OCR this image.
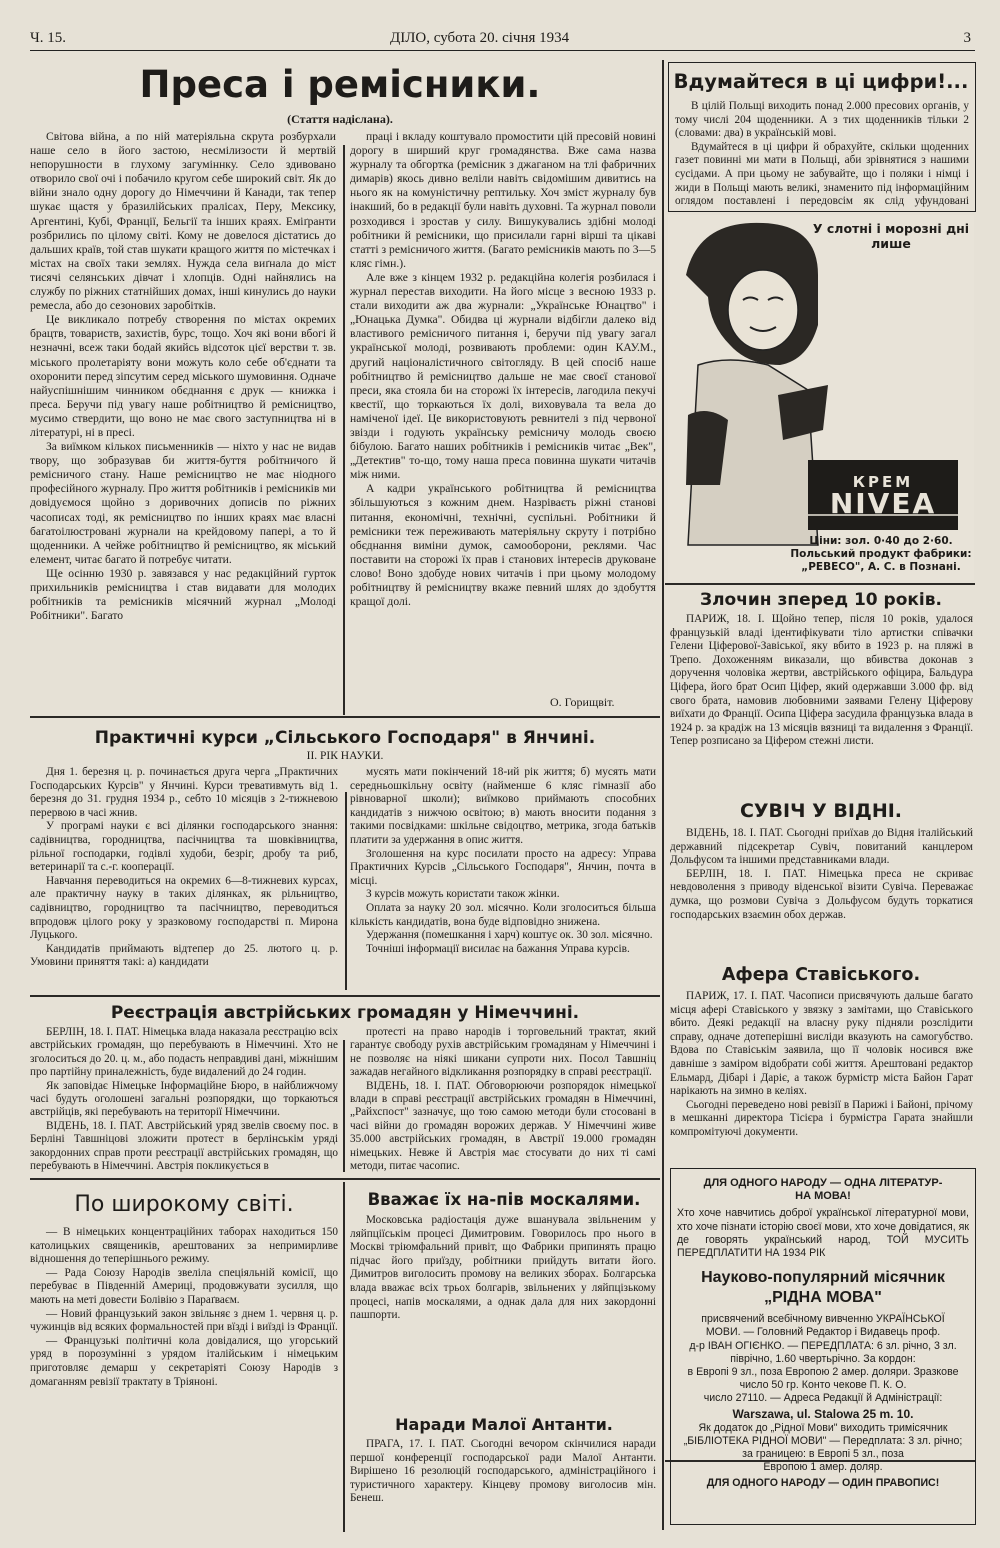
Ч. 15.	ДІЛО, субота 20. січня 1934	3
Преса і ремісники.
(Стаття надіслана).

Світова війна, а по ній матеріяльна скрута розбурхали наше село в його застою, несмілизости й мертвій непорушности в глухому загуміннку. Село здивовано отворило свої очі і побачило кругом себе широкий світ. Як до війни знало одну дорогу до Німеччини й Канади, так тепер шукає щастя у бразилійських пралісах, Перу, Мексику, Аргентині, Кубі, Франції, Бельгії та інших краях. Еміґранти розбрились по цілому світі. Кому не довелося дістатись до дальших країв, той став шукати кращого життя по містечках і містах на своїх таки землях. Нужда села виґнала до міст тисячі селянських дівчат і хлопців. Одні найнялись на службу по ріжних статнійших домах, інші кинулись до науки ремесла, або до сезонових заробітків.

Це викликало потребу створення по містах окремих брацтв, товариств, захистів, бурс, тощо. Хоч які вони вбогі й незначні, всеж таки бодай якийсь відсоток цієї верстви т. зв. міського пролетаріяту вони можуть коло себе об'єднати та охоронити перед зіпсутим серед міського шумовиння. Одначе найуспішнішим чинником обєднання є друк — книжка і преса. Беручи під увагу наше робітництво й ремісництво, мусимо ствердити, що воно не має свого заступництва ні в літературі, ні в пресі.

За виїмком кількох письменників — ніхто у нас не видав твору, що зобразував би життя-буття робітничого й ремісничого стану. Наше ремісництво не має ніодного професійного журналу. Про життя робітників і ремісників ми довідуємося щойно з доривочних дописів по ріжних часописах тоді, як ремісництво по інших краях має власні багатоілюстровані журнали на крейдовому папері, а то й щоденники. А чейже робітництво й ремісництво, як міський елемент, читає багато й потребує читати.

Ще осінню 1930 р. завязався у нас редакційний гурток прихильників ремісництва і став видавати для молодих робітників та ремісників місячний журнал „Молоді Робітники". Багато

праці і вкладу коштувало промостити цій пресовій новині дорогу в ширший круг громадянства. Вже сама назва журналу та обгортка (ремісник з джаганом на тлі фабричних димарів) якось дивно веліли навіть свідомішим дивитись на нього як на комуністичну рептильку. Хоч зміст журналу був інакший, бо в редакції були навіть духовні. Та журнал поволи розходився і зростав у силу. Вишукувались здібні молоді робітники й ремісники, що присилали гарні вірші та цікаві статті з ремісничого життя. (Багато ремісників мають по 3—5 кляс гімн.).

Але вже з кінцем 1932 р. редакційна колегія розбилася і журнал перестав виходити. На його місце з весною 1933 р. стали виходити аж два журнали: „Українське Юнацтво" і „Юнацька Думка". Обидва ці журнали відбігли далеко від властивого ремісничого питання і, беручи під увагу загал української молоді, розвивають проблеми: один КАУ.М., другий націоналістичного світогляду. В цей спосіб наше робітництво й ремісництво дальше не має своєї станової преси, яка стояла би на сторожі їх інтересів, лагодила пекучі квестії, що торкаються їх долі, виховувала та вела до наміченої ідеї. Це використовують ревнителі з під червоної звізди і годують українську ремісничу молодь своєю бібулою. Багато наших робітників і ремісників читає „Век", „Детектив" то-що, тому наша преса повинна шукати читачів між ними.

А кадри українського робітництва й ремісництва збільшуються з кожним днем. Назріваєть ріжні станові питання, економічні, технічні, суспільні. Робітники й ремісники теж переживають матеріяльну скруту і потрібно обєднання виміни думок, самооборони, реклями. Час поставити на сторожі їх прав і станових інтересів друковане слово! Воно здобуде нових читачів і при цьому молодому робітництву й ремісництву вкаже певний шлях до здобуття кращої долі.

О. Горищвіт.
Вдумайтеся в ці цифри!...

В цілій Польщі виходить понад 2.000 пресових органів, у тому числі 204 щоденники. А з тих щоденників тільки 2 (словами: два) в українській мові.

Вдумайтеся в ці цифри й обрахуйте, скільки щоденних газет повинні ми мати в Польщі, аби зрівнятися з нашими сусідами. А при цьому не забувайте, що і поляки і німці і жиди в Польщі мають великі, знаменито під інформаційним оглядом поставлені і передовсім як слід уфундовані

У слотні і морозні дні
лише
КРЕМ
NIVEA
Ціни: зол. 0·40 до 2·60.
Польський продукт фабрики:
„РЕВЕСО", А. С. в Познані.
Злочин зперед 10 років.

ПАРИЖ, 18. І. Щойно тепер, після 10 років, удалося французькій владі ідентифікувати тіло артистки співачки Гелени Ціферової-Завіської, яку вбито в 1923 р. на пляжі в Трепо. Дохоженням виказали, що вбивства доконав з доручення чоловіка жертви, австрійського офіцира, Бальдура Ціфера, його брат Осип Ціфер, який одержавши 3.000 фр. від свого брата, намовив любовними заявами Гелену Ціферову виїхати до Франції. Осипа Ціфера засудила французька влада в 1924 р. за крадіж на 13 місяців вязниці та видалення з Франції. Тепер розписано за Ціфером стежні листи.

СУВІЧ У ВІДНІ.

ВІДЕНЬ, 18. І. ПАТ. Сьогодні приїхав до Відня італійський державний підсекретар Сувіч, повитаний канцлером Дольфусом та іншими представниками влади.

БЕРЛІН, 18. І. ПАТ. Німецька преса не скриває невдоволення з приводу віденської візити Сувіча. Переважає думка, що розмови Сувіча з Дольфусом будуть торкатися господарських взаємин обох держав.

Афера Ставіського.

ПАРИЖ, 17. І. ПАТ. Часописи присвячують дальше багато місця афері Ставіського у звязку з замітами, що Ставіського вбито. Деякі редакції на власну руку підняли розслідити справу, одначе дотеперішні висліди вказують на самогубство. Вдова по Ставіськім заявила, що її чоловік носився вже давніше з заміром відобрати собі життя. Арештовані редактор Ельмард, Дібарі і Даріє, а також бурмістр міста Байон Гарат нарікають на зимно в келіях.

Сьогодні переведено нові ревізії в Парижі і Байоні, прічому в мешканні директора Тісієра і бурмістра Гарата знайшли компромітуючі документи.

ДЛЯ ОДНОГО НАРОДУ — ОДНА ЛІТЕРАТУР-

НА МОВА!

Хто хоче навчитись доброї української літературної мови, хто хоче пізнати історію своєї мови, хто хоче довідатися, як де говорять український народ, ТОЙ МУСИТЬ ПЕРЕДПЛАТИТИ НА 1934 РІК

Науково-популярний місячник „РІДНА МОВА"

присвячений всебічному вивченню УКРАЇНСЬКОЇ

МОВИ. — Головний Редактор і Видавець проф.

д-р ІВАН ОГІЄНКО. — ПЕРЕДПЛАТА: 6 зл. річно, 3 зл. піврічно, 1.60 чвертьрічно. За кордон:

в Европі 9 зл., поза Европою 2 амер. доляри. Зразкове число 50 гр. Конто чекове П. К. О.

число 27110. — Адреса Редакції й Адміністрації:

Warszawa, ul. Stalowa 25 m. 10.

Як додаток до „Рідної Мови" виходить тримісячник „БІБЛІОТЕКА РІДНОЇ МОВИ" — Передплата: 3 зл. річно; за границею: в Европі 5 зл., поза

Европою 1 амер. доляр.

ДЛЯ ОДНОГО НАРОДУ — ОДИН ПРАВОПИС!

Практичні курси „Сільського Господаря" в Янчині.
II. РІК НАУКИ.

Дня 1. березня ц. р. починається друга черга „Практичних Господарських Курсів" у Янчині. Курси тревативмуть від 1. березня до 31. грудня 1934 р., себто 10 місяців з 2-тижневою перервою в часі жнив.

У програмі науки є всі ділянки господарського знання: садівництва, городництва, пасічництва та шовківництва, рільної господарки, годівлі худоби, безріг, дробу та риб, ветеринарії та с.-г. кооперації.

Навчання переводиться на окремих 6—8-тижневих курсах, але практичну науку в таких ділянках, як рільництво, садівництво, городництво та пасічництво, переводиться впродовж цілого року у зразковому господарстві п. Мирона Луцького.

Кандидатів приймають відтепер до 25. лютого ц. р. Умовини приняття такі: а) кандидати

мусять мати покінчений 18-ий рік життя; б) мусять мати середньошкільну освіту (найменше 6 кляс гімназії або рівноварної школи); виїмково приймають способних кандидатів з нижчою освітою; в) мають вносити подання з такими посвідками: шкільне свідоцтво, метрика, згода батьків платити за удержання в опис життя.

Зголошення на курс посилати просто на адресу: Управа Практичних Курсів „Сільського Господаря", Янчин, почта в місці.

З курсів можуть користати також жінки.

Оплата за науку 20 зол. місячно. Коли зголоситься більша кількість кандидатів, вона буде відповідно знижена.

Удержання (помешкання і харч) коштує ок. 30 зол. місячно.

Точніші інформації висилає на бажання Управа курсів.

Реєстрація австрійських громадян у Німеччині.

БЕРЛІН, 18. І. ПАТ. Німецька влада наказала реєстрацію всіх австрійських громадян, що перебувають в Німеччині. Хто не зголоситься до 20. ц. м., або подасть неправдиві дані, міжнішим про партійну приналежність, буде видалений до 24 годин.

Як заповідає Німецьке Інформаційне Бюро, в найближчому часі будуть оголошені загальні розпорядки, що торкаються австрійців, які перебувають на території Німеччини.

ВІДЕНЬ, 18. І. ПАТ. Австрійський уряд звелів своєму пос. в Берліні Тавшніцові зложити протест в берлінськім уряді закордонних справ проти реєстрації австрійських громадян, що перебувають в Німеччині. Австрія покликується в

протесті на право народів і торговельний трактат, який гарантує свободу рухів австрійським громадянам у Німеччині і не позволяє на ніякі шикани супроти них. Посол Тавшніц зажадав негайного відкликання розпорядку в справі реєстрації.

ВІДЕНЬ, 18. І. ПАТ. Обговорюючи розпорядок німецької влади в справі реєстрації австрійських громадян в Німеччині, „Райхспост" зазначує, що тою самою методи були стосовані в часі війни до громадян ворожих держав. У Німеччині живе 35.000 австрійських громадян, в Австрії 19.000 громадян німецьких. Невже й Австрія має стосувати до них ті самі методи, питає часопис.

По широкому світі.

— В німецьких концентраційних таборах находиться 150 католицьких священиків, арештованих за непримирливе відношення до теперішнього режиму.

— Рада Союзу Народів звеліла спеціяльній комісії, що перебуває в Південній Америці, продовжувати зусилля, що мають на меті довести Болівію з Параґваєм.

— Новий французький закон звільняє з днем 1. червня ц. р. чужинців від всяких формальностей при вїзді і виїзді із Франції.

— Французькі політичні кола довідалися, що угорський уряд в порозумінні з урядом італійським і німецьким приготовляє демарш у секретаріяті Союзу Народів з домаганням ревізії трактату в Тріяноні.

Вважає їх на-пів москалями.

Московська радіостація дуже вшанувала звільненим у ляйпціїськім процесі Димитровим. Говорилось про нього в Москві тріюмфальний привіт, що Фабрики припинять працю підчас його приїзду, робітники прийдуть витати його. Димитров виголосить промову на великих зборах. Болгарська влада вважає всіх трьох болгарів, звільнених у ляйпцізькому процесі, напів москалями, а однак дала для них закордонні пашпорти.

Наради Малої Антанти.

ПРАГА, 17. І. ПАТ. Сьогодні вечором скінчилися наради першої конференції господарської ради Малої Антанти. Вирішено 16 резолюцій господарського, адміністраційного і туристичного характеру. Кінцеву промову виголосив мін. Бенеш.
